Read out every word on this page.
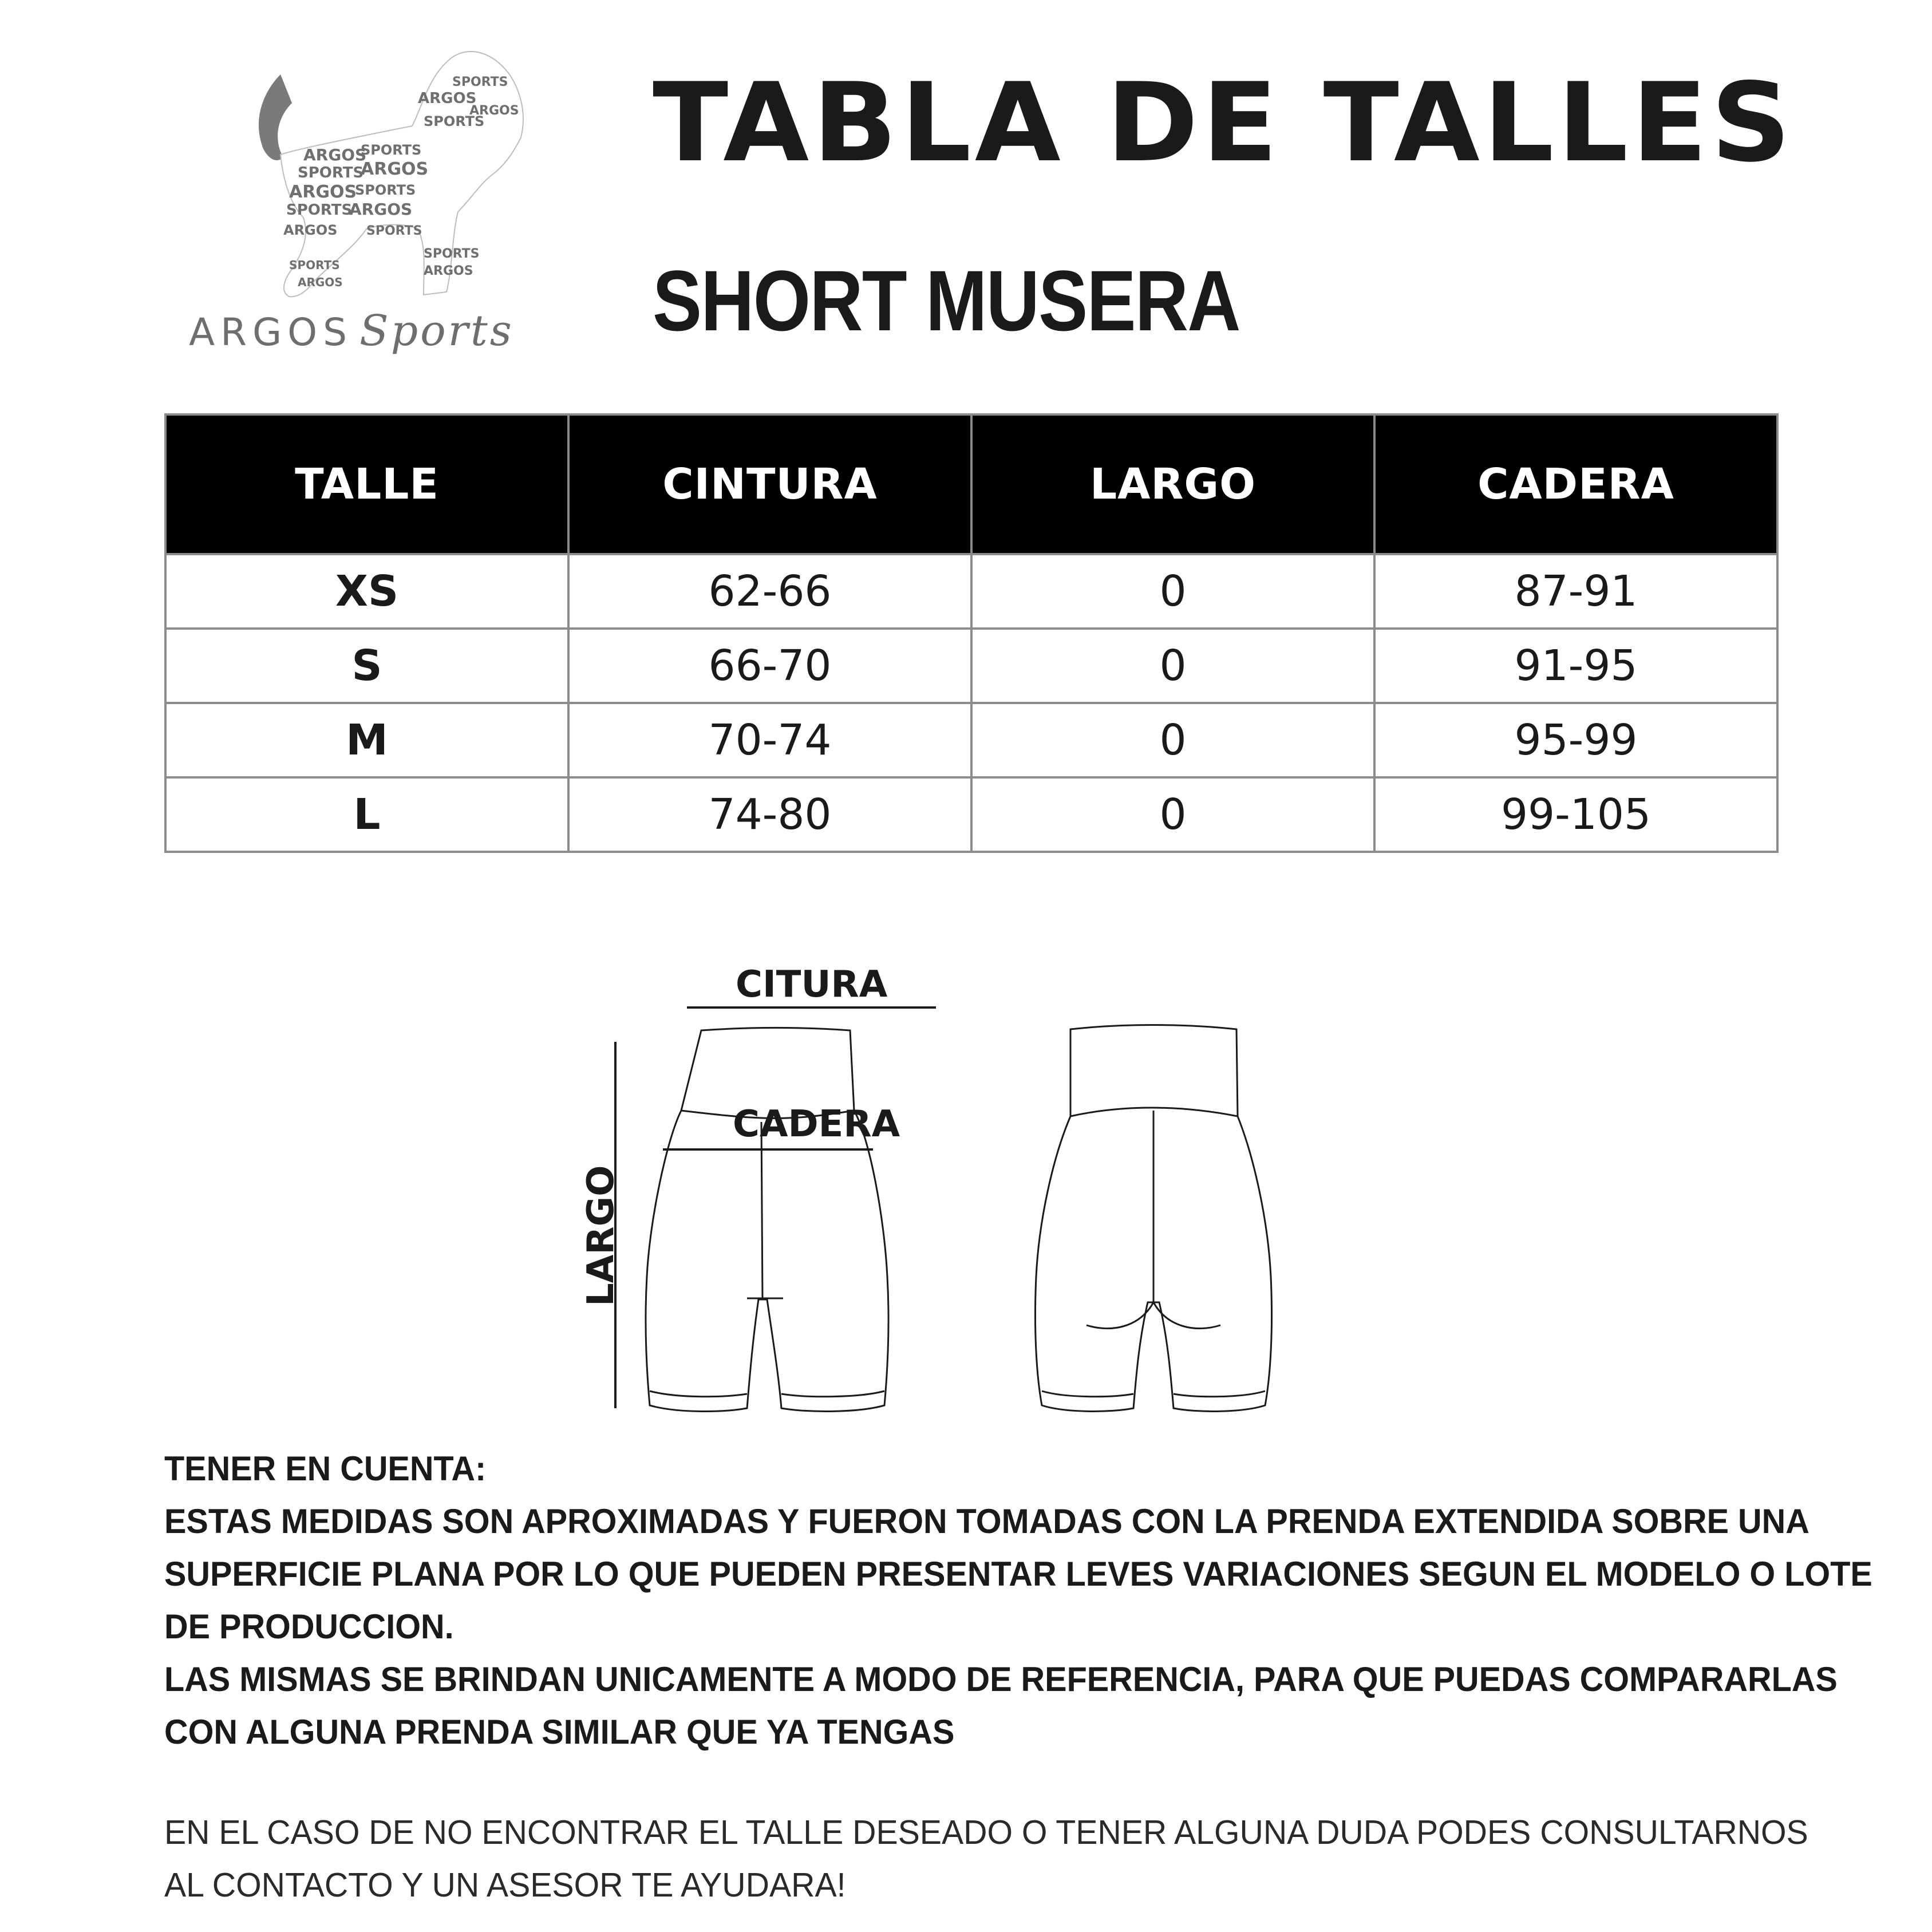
ARGOS
SPORTS
SPORTS
ARGOS
ARGOS
SPORTS
SPORTS
ARGOS
ARGOS SPORTS
ARGOS
SPORTS
SPORTS
ARGOS
SPORTS
ARGOS
SPORTS
ARGOS
ARGOS Sports
TABLA DE TALLES
SHORT MUSERA
TALLE	CINTURA	LARGO	CADERA
XS	62-66	0	87-91
S	66-70	0	91-95
M	70-74	0	95-99
L	74-80	0	99-105
CITURA
CADERA
LARGO
TENER EN CUENTA:
ESTAS MEDIDAS SON APROXIMADAS Y FUERON TOMADAS CON LA PRENDA EXTENDIDA SOBRE UNA
SUPERFICIE PLANA POR LO QUE PUEDEN PRESENTAR LEVES VARIACIONES SEGUN EL MODELO O LOTE
DE PRODUCCION.
LAS MISMAS SE BRINDAN UNICAMENTE A MODO DE REFERENCIA, PARA QUE PUEDAS COMPARARLAS
CON ALGUNA PRENDA SIMILAR QUE YA TENGAS
EN EL CASO DE NO ENCONTRAR EL TALLE DESEADO O TENER ALGUNA DUDA PODES CONSULTARNOS
AL CONTACTO Y UN ASESOR TE AYUDARA!
